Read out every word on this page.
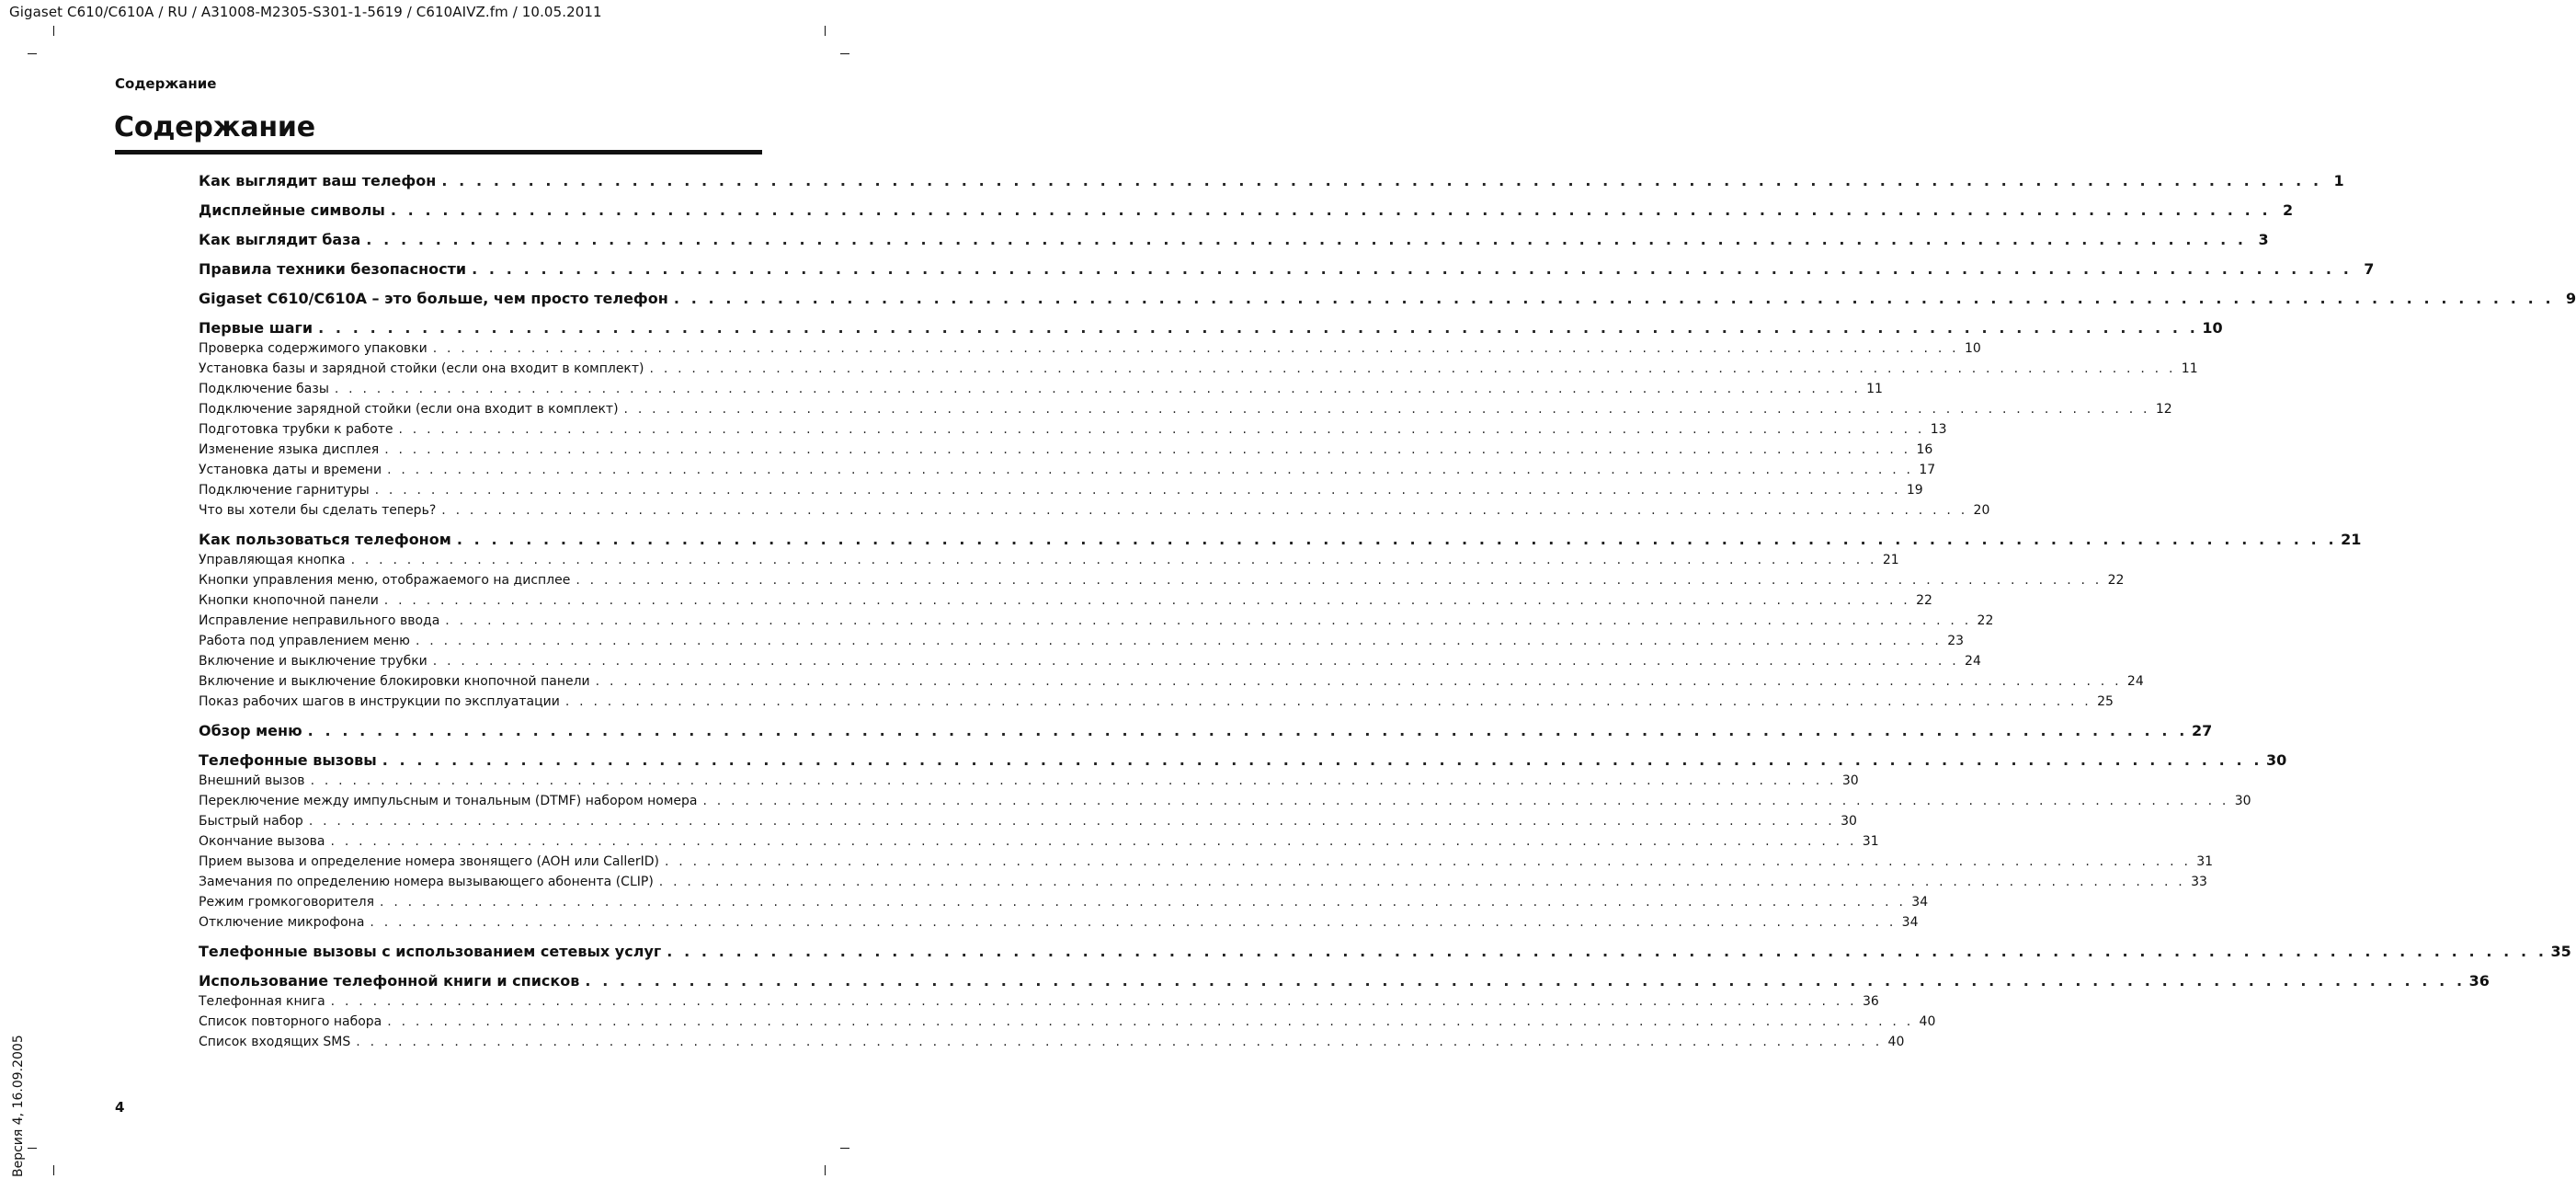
Gigaset C610/C610A / RU / A31008-M2305-S301-1-5619 / C610AIVZ.fm / 10.05.2011
Содержание
Содержание
Как выглядит ваш телефон . . . . . . . . . . . . . . . . . . . . . . . . . . . . . . . . . . . . . . . . . . . . . . . . . . . . . . . . . . . . . . . . . . . . . . . . . . . . . . . . . . . . . . . . . . . . . . . . . . . . . . . . . . . . . 1
Дисплейные символы . . . . . . . . . . . . . . . . . . . . . . . . . . . . . . . . . . . . . . . . . . . . . . . . . . . . . . . . . . . . . . . . . . . . . . . . . . . . . . . . . . . . . . . . . . . . . . . . . . . . . . . . . . . . . 2
Как выглядит база . . . . . . . . . . . . . . . . . . . . . . . . . . . . . . . . . . . . . . . . . . . . . . . . . . . . . . . . . . . . . . . . . . . . . . . . . . . . . . . . . . . . . . . . . . . . . . . . . . . . . . . . . . . . . 3
Правила техники безопасности . . . . . . . . . . . . . . . . . . . . . . . . . . . . . . . . . . . . . . . . . . . . . . . . . . . . . . . . . . . . . . . . . . . . . . . . . . . . . . . . . . . . . . . . . . . . . . . . . . . . . . . . . . . . . 7
Gigaset C610/C610A – это больше, чем просто телефон . . . . . . . . . . . . . . . . . . . . . . . . . . . . . . . . . . . . . . . . . . . . . . . . . . . . . . . . . . . . . . . . . . . . . . . . . . . . . . . . . . . . . . . . . . . . . . . . . . . . . . . . . . . . . 9
Первые шаги . . . . . . . . . . . . . . . . . . . . . . . . . . . . . . . . . . . . . . . . . . . . . . . . . . . . . . . . . . . . . . . . . . . . . . . . . . . . . . . . . . . . . . . . . . . . . . . . . . . . . . . . . . . . . 10
Проверка содержимого упаковки . . . . . . . . . . . . . . . . . . . . . . . . . . . . . . . . . . . . . . . . . . . . . . . . . . . . . . . . . . . . . . . . . . . . . . . . . . . . . . . . . . . . . . . . . . . . . . . . . . . . . . . . . . . . . 10
Установка базы и зарядной стойки (если она входит в комплект) . . . . . . . . . . . . . . . . . . . . . . . . . . . . . . . . . . . . . . . . . . . . . . . . . . . . . . . . . . . . . . . . . . . . . . . . . . . . . . . . . . . . . . . . . . . . . . . . . . . . . . . . . . . . . 11
Подключение базы . . . . . . . . . . . . . . . . . . . . . . . . . . . . . . . . . . . . . . . . . . . . . . . . . . . . . . . . . . . . . . . . . . . . . . . . . . . . . . . . . . . . . . . . . . . . . . . . . . . . . . . . . . . . . 11
Подключение зарядной стойки (если она входит в комплект) . . . . . . . . . . . . . . . . . . . . . . . . . . . . . . . . . . . . . . . . . . . . . . . . . . . . . . . . . . . . . . . . . . . . . . . . . . . . . . . . . . . . . . . . . . . . . . . . . . . . . . . . . . . . . 12
Подготовка трубки к работе . . . . . . . . . . . . . . . . . . . . . . . . . . . . . . . . . . . . . . . . . . . . . . . . . . . . . . . . . . . . . . . . . . . . . . . . . . . . . . . . . . . . . . . . . . . . . . . . . . . . . . . . . . . . . 13
Изменение языка дисплея . . . . . . . . . . . . . . . . . . . . . . . . . . . . . . . . . . . . . . . . . . . . . . . . . . . . . . . . . . . . . . . . . . . . . . . . . . . . . . . . . . . . . . . . . . . . . . . . . . . . . . . . . . . . . 16
Установка даты и времени . . . . . . . . . . . . . . . . . . . . . . . . . . . . . . . . . . . . . . . . . . . . . . . . . . . . . . . . . . . . . . . . . . . . . . . . . . . . . . . . . . . . . . . . . . . . . . . . . . . . . . . . . . . . . 17
Подключение гарнитуры . . . . . . . . . . . . . . . . . . . . . . . . . . . . . . . . . . . . . . . . . . . . . . . . . . . . . . . . . . . . . . . . . . . . . . . . . . . . . . . . . . . . . . . . . . . . . . . . . . . . . . . . . . . . . 19
Что вы хотели бы сделать теперь? . . . . . . . . . . . . . . . . . . . . . . . . . . . . . . . . . . . . . . . . . . . . . . . . . . . . . . . . . . . . . . . . . . . . . . . . . . . . . . . . . . . . . . . . . . . . . . . . . . . . . . . . . . . . . 20
Как пользоваться телефоном . . . . . . . . . . . . . . . . . . . . . . . . . . . . . . . . . . . . . . . . . . . . . . . . . . . . . . . . . . . . . . . . . . . . . . . . . . . . . . . . . . . . . . . . . . . . . . . . . . . . . . . . . . . . . 21
Управляющая кнопка . . . . . . . . . . . . . . . . . . . . . . . . . . . . . . . . . . . . . . . . . . . . . . . . . . . . . . . . . . . . . . . . . . . . . . . . . . . . . . . . . . . . . . . . . . . . . . . . . . . . . . . . . . . . . 21
Кнопки управления меню, отображаемого на дисплее . . . . . . . . . . . . . . . . . . . . . . . . . . . . . . . . . . . . . . . . . . . . . . . . . . . . . . . . . . . . . . . . . . . . . . . . . . . . . . . . . . . . . . . . . . . . . . . . . . . . . . . . . . . . . 22
Кнопки кнопочной панели . . . . . . . . . . . . . . . . . . . . . . . . . . . . . . . . . . . . . . . . . . . . . . . . . . . . . . . . . . . . . . . . . . . . . . . . . . . . . . . . . . . . . . . . . . . . . . . . . . . . . . . . . . . . . 22
Исправление неправильного ввода . . . . . . . . . . . . . . . . . . . . . . . . . . . . . . . . . . . . . . . . . . . . . . . . . . . . . . . . . . . . . . . . . . . . . . . . . . . . . . . . . . . . . . . . . . . . . . . . . . . . . . . . . . . . . 22
Работа под управлением меню . . . . . . . . . . . . . . . . . . . . . . . . . . . . . . . . . . . . . . . . . . . . . . . . . . . . . . . . . . . . . . . . . . . . . . . . . . . . . . . . . . . . . . . . . . . . . . . . . . . . . . . . . . . . . 23
Включение и выключение трубки . . . . . . . . . . . . . . . . . . . . . . . . . . . . . . . . . . . . . . . . . . . . . . . . . . . . . . . . . . . . . . . . . . . . . . . . . . . . . . . . . . . . . . . . . . . . . . . . . . . . . . . . . . . . . 24
Включение и выключение блокировки кнопочной панели . . . . . . . . . . . . . . . . . . . . . . . . . . . . . . . . . . . . . . . . . . . . . . . . . . . . . . . . . . . . . . . . . . . . . . . . . . . . . . . . . . . . . . . . . . . . . . . . . . . . . . . . . . . . . 24
Показ рабочих шагов в инструкции по эксплуатации . . . . . . . . . . . . . . . . . . . . . . . . . . . . . . . . . . . . . . . . . . . . . . . . . . . . . . . . . . . . . . . . . . . . . . . . . . . . . . . . . . . . . . . . . . . . . . . . . . . . . . . . . . . . . 25
Обзор меню . . . . . . . . . . . . . . . . . . . . . . . . . . . . . . . . . . . . . . . . . . . . . . . . . . . . . . . . . . . . . . . . . . . . . . . . . . . . . . . . . . . . . . . . . . . . . . . . . . . . . . . . . . . . . 27
Телефонные вызовы . . . . . . . . . . . . . . . . . . . . . . . . . . . . . . . . . . . . . . . . . . . . . . . . . . . . . . . . . . . . . . . . . . . . . . . . . . . . . . . . . . . . . . . . . . . . . . . . . . . . . . . . . . . . . 30
Внешний вызов . . . . . . . . . . . . . . . . . . . . . . . . . . . . . . . . . . . . . . . . . . . . . . . . . . . . . . . . . . . . . . . . . . . . . . . . . . . . . . . . . . . . . . . . . . . . . . . . . . . . . . . . . . . . . 30
Переключение между импульсным и тональным (DTMF) набором номера . . . . . . . . . . . . . . . . . . . . . . . . . . . . . . . . . . . . . . . . . . . . . . . . . . . . . . . . . . . . . . . . . . . . . . . . . . . . . . . . . . . . . . . . . . . . . . . . . . . . . . . . . . . . . 30
Быстрый набор . . . . . . . . . . . . . . . . . . . . . . . . . . . . . . . . . . . . . . . . . . . . . . . . . . . . . . . . . . . . . . . . . . . . . . . . . . . . . . . . . . . . . . . . . . . . . . . . . . . . . . . . . . . . . 30
Окончание вызова . . . . . . . . . . . . . . . . . . . . . . . . . . . . . . . . . . . . . . . . . . . . . . . . . . . . . . . . . . . . . . . . . . . . . . . . . . . . . . . . . . . . . . . . . . . . . . . . . . . . . . . . . . . . . 31
Прием вызова и определение номера звонящего (АОН или CallerID) . . . . . . . . . . . . . . . . . . . . . . . . . . . . . . . . . . . . . . . . . . . . . . . . . . . . . . . . . . . . . . . . . . . . . . . . . . . . . . . . . . . . . . . . . . . . . . . . . . . . . . . . . . . . . 31
Замечания по определению номера вызывающего абонента (CLIP) . . . . . . . . . . . . . . . . . . . . . . . . . . . . . . . . . . . . . . . . . . . . . . . . . . . . . . . . . . . . . . . . . . . . . . . . . . . . . . . . . . . . . . . . . . . . . . . . . . . . . . . . . . . . . 33
Режим громкоговорителя . . . . . . . . . . . . . . . . . . . . . . . . . . . . . . . . . . . . . . . . . . . . . . . . . . . . . . . . . . . . . . . . . . . . . . . . . . . . . . . . . . . . . . . . . . . . . . . . . . . . . . . . . . . . . 34
Отключение микрофона . . . . . . . . . . . . . . . . . . . . . . . . . . . . . . . . . . . . . . . . . . . . . . . . . . . . . . . . . . . . . . . . . . . . . . . . . . . . . . . . . . . . . . . . . . . . . . . . . . . . . . . . . . . . . 34
Телефонные вызовы с использованием сетевых услуг . . . . . . . . . . . . . . . . . . . . . . . . . . . . . . . . . . . . . . . . . . . . . . . . . . . . . . . . . . . . . . . . . . . . . . . . . . . . . . . . . . . . . . . . . . . . . . . . . . . . . . . . . . . . . 35
Использование телефонной книги и списков . . . . . . . . . . . . . . . . . . . . . . . . . . . . . . . . . . . . . . . . . . . . . . . . . . . . . . . . . . . . . . . . . . . . . . . . . . . . . . . . . . . . . . . . . . . . . . . . . . . . . . . . . . . . . 36
Телефонная книга . . . . . . . . . . . . . . . . . . . . . . . . . . . . . . . . . . . . . . . . . . . . . . . . . . . . . . . . . . . . . . . . . . . . . . . . . . . . . . . . . . . . . . . . . . . . . . . . . . . . . . . . . . . . . 36
Список повторного набора . . . . . . . . . . . . . . . . . . . . . . . . . . . . . . . . . . . . . . . . . . . . . . . . . . . . . . . . . . . . . . . . . . . . . . . . . . . . . . . . . . . . . . . . . . . . . . . . . . . . . . . . . . . . . 40
Список входящих SMS . . . . . . . . . . . . . . . . . . . . . . . . . . . . . . . . . . . . . . . . . . . . . . . . . . . . . . . . . . . . . . . . . . . . . . . . . . . . . . . . . . . . . . . . . . . . . . . . . . . . . . . . . . . . . 40
4
Версия 4, 16.09.2005
